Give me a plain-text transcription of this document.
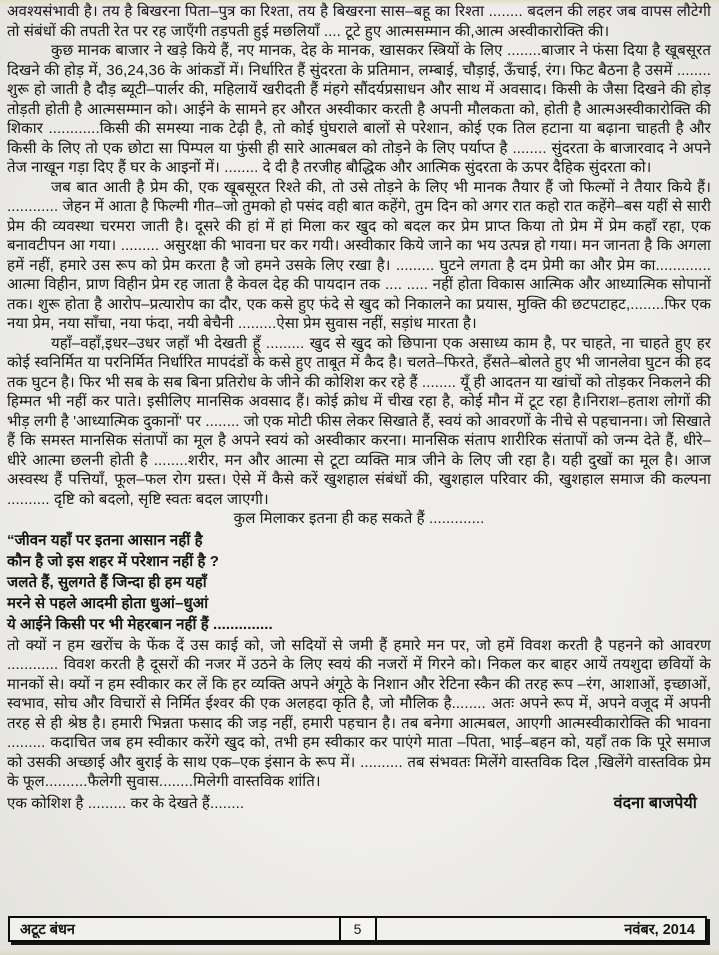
अवश्यसंभावी है। तय है बिखरना पिता–पुत्र का रिश्ता, तय है बिखरना सास–बहू का रिश्ता ........ बदलन की लहर जब वापस लौटेगी तो संबंधों की तपती रेत पर रह जाएँगी तड़पती हुई मछलियाँ .... टूटे हुए आत्मसम्मान की,आत्म अस्वीकारोक्ति की।

कुछ मानक बाजार ने खड़े किये हैं, नए मानक, देह के मानक, खासकर स्त्रियों के लिए ........बाजार ने फंसा दिया है खूबसूरत दिखने की होड़ में, 36,24,36 के आंकडों में। निर्धारित हैं सुंदरता के प्रतिमान, लम्बाई, चौड़ाई, ऊँचाई, रंग। फिट बैठना है उसमें ........ शुरू हो जाती है दौड़ ब्यूटी–पार्लर की, महिलायें खरीदती हैं मंहगे सौंदर्यप्रसाधन और साथ में अवसाद। किसी के जैसा दिखने की होड़ तोड़ती होती है आत्मसम्मान को। आईने के सामने हर औरत अस्वीकार करती है अपनी मौलकता को, होती है आत्मअस्वीकारोक्ति की शिकार ............किसी की समस्या नाक टेढ़ी है, तो कोई घुंघराले बालों से परेशान, कोई एक तिल हटाना या बढ़ाना चाहती है और किसी के लिए तो एक छोटा सा पिम्पल या फुंसी ही सारे आत्मबल को तोड़ने के लिए पर्याप्त है ........ सुंदरता के बाजारवाद ने अपने तेज नाखून गड़ा दिए हैं घर के आइनों में। ........ दे दी है तरजीह बौद्धिक और आत्मिक सुंदरता के ऊपर दैहिक सुंदरता को।

जब बात आती है प्रेम की, एक खूबसूरत रिश्ते की, तो उसे तोड़ने के लिए भी मानक तैयार हैं जो फिल्मों ने तैयार किये हैं। ............ जेहन में आता है फिल्मी गीत–जो तुमको हो पसंद वही बात कहेंगे, तुम दिन को अगर रात कहो रात कहेंगे–बस यहीं से सारी प्रेम की व्यवस्था चरमरा जाती है। दूसरे की हां में हां मिला कर खुद को बदल कर प्रेम प्राप्त किया तो प्रेम में प्रेम कहाँ रहा, एक बनावटीपन आ गया। ......... असुरक्षा की भावना घर कर गयी। अस्वीकार किये जाने का भय उत्पन्न हो गया। मन जानता है कि अगला हमें नहीं, हमारे उस रूप को प्रेम करता है जो हमने उसके लिए रखा है। ......... घुटने लगता है दम प्रेमी का और प्रेम का............. आत्मा विहीन, प्राण विहीन प्रेम रह जाता है केवल देह की पायदान तक .... ..... नहीं होता विकास आत्मिक और आध्यात्मिक सोपानों तक। शुरू होता है आरोप–प्रत्यारोप का दौर, एक कसे हुए फंदे से खुद को निकालने का प्रयास, मुक्ति की छटपटाहट,........फिर एक नया प्रेम, नया साँचा, नया फंदा, नयी बेचैनी .........ऐसा प्रेम सुवास नहीं, सड़ांध मारता है।

यहाँ–वहाँ,इधर–उधर जहाँ भी देखती हूँ ......... खुद से खुद को छिपाना एक असाध्य काम है, पर चाहते, ना चाहते हुए हर कोई स्वनिर्मित या परनिर्मित निर्धारित मापदंडों के कसे हुए ताबूत में कैद है। चलते–फिरते, हँसते–बोलते हुए भी जानलेवा घुटन की हद तक घुटन है। फिर भी सब के सब बिना प्रतिरोध के जीने की कोशिश कर रहे हैं ........ यूँ ही आदतन या खांचों को तोड़कर निकलने की हिम्मत भी नहीं कर पाते। इसीलिए मानसिक अवसाद हैं। कोई क्रोध में चीख रहा है, कोई मौन में टूट रहा है।निराश–हताश लोगों की भीड़ लगी है 'आध्यात्मिक दुकानों' पर ........ जो एक मोटी फीस लेकर सिखाते हैं, स्वयं को आवरणों के नीचे से पहचानना। जो सिखाते हैं कि समस्त मानसिक संतापों का मूल है अपने स्वयं को अस्वीकार करना। मानसिक संताप शारीरिक संतापों को जन्म देते हैं, धीरे–धीरे आत्मा छलनी होती है ........शरीर, मन और आत्मा से टूटा व्यक्ति मात्र जीने के लिए जी रहा है। यही दुखों का मूल है। आज अस्वस्थ हैं पत्तियाँ, फूल–फल रोग ग्रस्त। ऐसे में कैसे करें खुशहाल संबंधों की, खुशहाल परिवार की, खुशहाल समाज की कल्पना .......... दृष्टि को बदलो, सृष्टि स्वतः बदल जाएगी।

कुल मिलाकर इतना ही कह सकते हैं .............

“जीवन यहाँ पर इतना आसान नहीं है
कौन है जो इस शहर में परेशान नहीं है ?
जलते हैं, सुलगते हैं जिन्दा ही हम यहाँ
मरने से पहले आदमी होता धुआं–धुआं
ये आईने किसी पर भी मेहरबान नहीं हैं ..............

तो क्यों न हम खरोंच के फेंक दें उस काई को, जो सदियों से जमी हैं हमारे मन पर, जो हमें विवश करती है पहनने को आवरण ............ विवश करती है दूसरों की नजर में उठने के लिए स्वयं की नजरों में गिरने को। निकल कर बाहर आयें तयशुदा छवियों के मानकों से। क्यों न हम स्वीकार कर लें कि हर व्यक्ति अपने अंगूठे के निशान और रेटिना स्कैन की तरह रूप –रंग, आशाओं, इच्छाओं, स्वभाव, सोच और विचारों से निर्मित ईश्वर की एक अलहदा कृति है, जो मौलिक है........ अतः अपने रूप में, अपने वजूद में अपनी तरह से ही श्रेष्ठ है। हमारी भिन्नता फसाद की जड़ नहीं, हमारी पहचान है। तब बनेगा आत्मबल, आएगी आत्मस्वीकारोक्ति की भावना ......... कदाचित जब हम स्वीकार करेंगे खुद को, तभी हम स्वीकार कर पाएंगे माता –पिता, भाई–बहन को, यहाँ तक कि पूरे समाज को उसकी अच्छाई और बुराई के साथ एक–एक इंसान के रूप में। .......... तब संभवतः मिलेंगे वास्तविक दिल ,खिलेंगे वास्तविक प्रेम के फूल..........फैलेगी सुवास........मिलेगी वास्तविक शांति।

एक कोशिश है ......... कर के देखते हैं........	वंदना बाजपेयी
अटूट बंधन	5	नवंबर, 2014
